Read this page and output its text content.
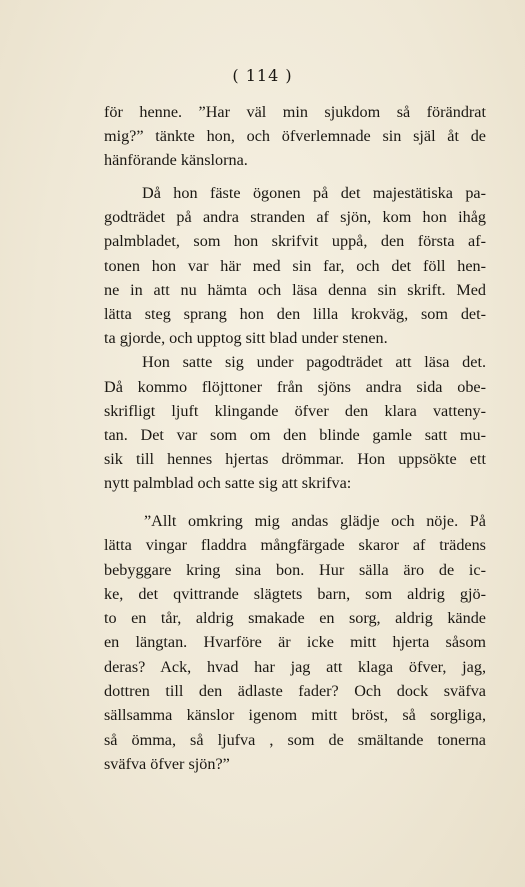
( 114 )
för henne. ”Har väl min sjukdom så förändrat
mig?” tänkte hon, och öfverlemnade sin själ åt de
hänförande känslorna.
Då hon fäste ögonen på det majestätiska pa-
godträdet på andra stranden af sjön, kom hon ihåg
palmbladet, som hon skrifvit uppå, den första af-
tonen hon var här med sin far, och det föll hen-
ne in att nu hämta och läsa denna sin skrift. Med
lätta steg sprang hon den lilla krokväg, som det-
ta gjorde, och upptog sitt blad under stenen.
Hon satte sig under pagodträdet att läsa det.
Då kommo flöjttoner från sjöns andra sida obe-
skrifligt ljuft klingande öfver den klara vatteny-
tan. Det var som om den blinde gamle satt mu-
sik till hennes hjertas drömmar. Hon uppsökte ett
nytt palmblad och satte sig att skrifva:
”Allt omkring mig andas glädje och nöje. På
lätta vingar fladdra mångfärgade skaror af trädens
bebyggare kring sina bon. Hur sälla äro de ic-
ke, det qvittrande slägtets barn, som aldrig gjö-
to en tår, aldrig smakade en sorg, aldrig kände
en längtan. Hvarföre är icke mitt hjerta såsom
deras? Ack, hvad har jag att klaga öfver, jag,
dottren till den ädlaste fader? Och dock sväfva
sällsamma känslor igenom mitt bröst, så sorgliga,
så ömma, så ljufva , som de smältande tonerna
sväfva öfver sjön?”
